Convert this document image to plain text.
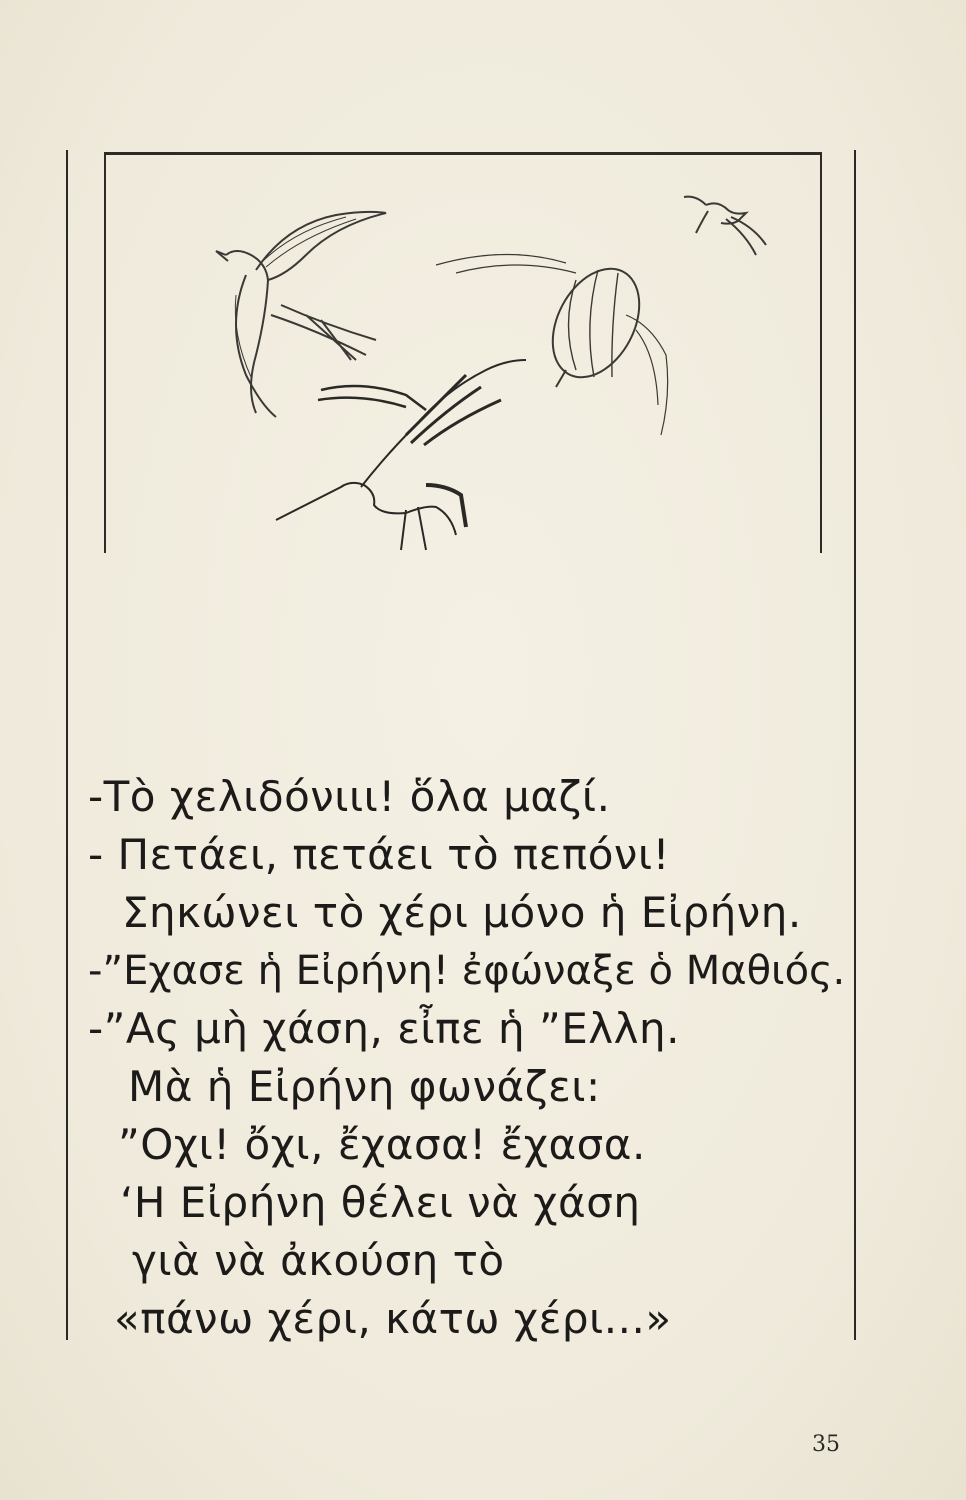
-Τὸ χελιδόνιιι! ὅλα μαζί.
- Πετάει, πετάει τὸ πεπόνι!
Σηκώνει τὸ χέρι μόνο ἡ Εἰρήνη.
-”Εχασε ἡ Εἰρήνη! ἐφώναξε ὁ Μαθιός.
-”Ας μὴ χάση, εἶπε ἡ ”Ελλη.
Μὰ ἡ Εἰρήνη φωνάζει:
”Οχι! ὄχι, ἔχασα! ἔχασα.
ʻΗ Εἰρήνη θέλει νὰ χάση
γιὰ νὰ ἀκούση τὸ
«πάνω χέρι, κάτω χέρι...»
35
